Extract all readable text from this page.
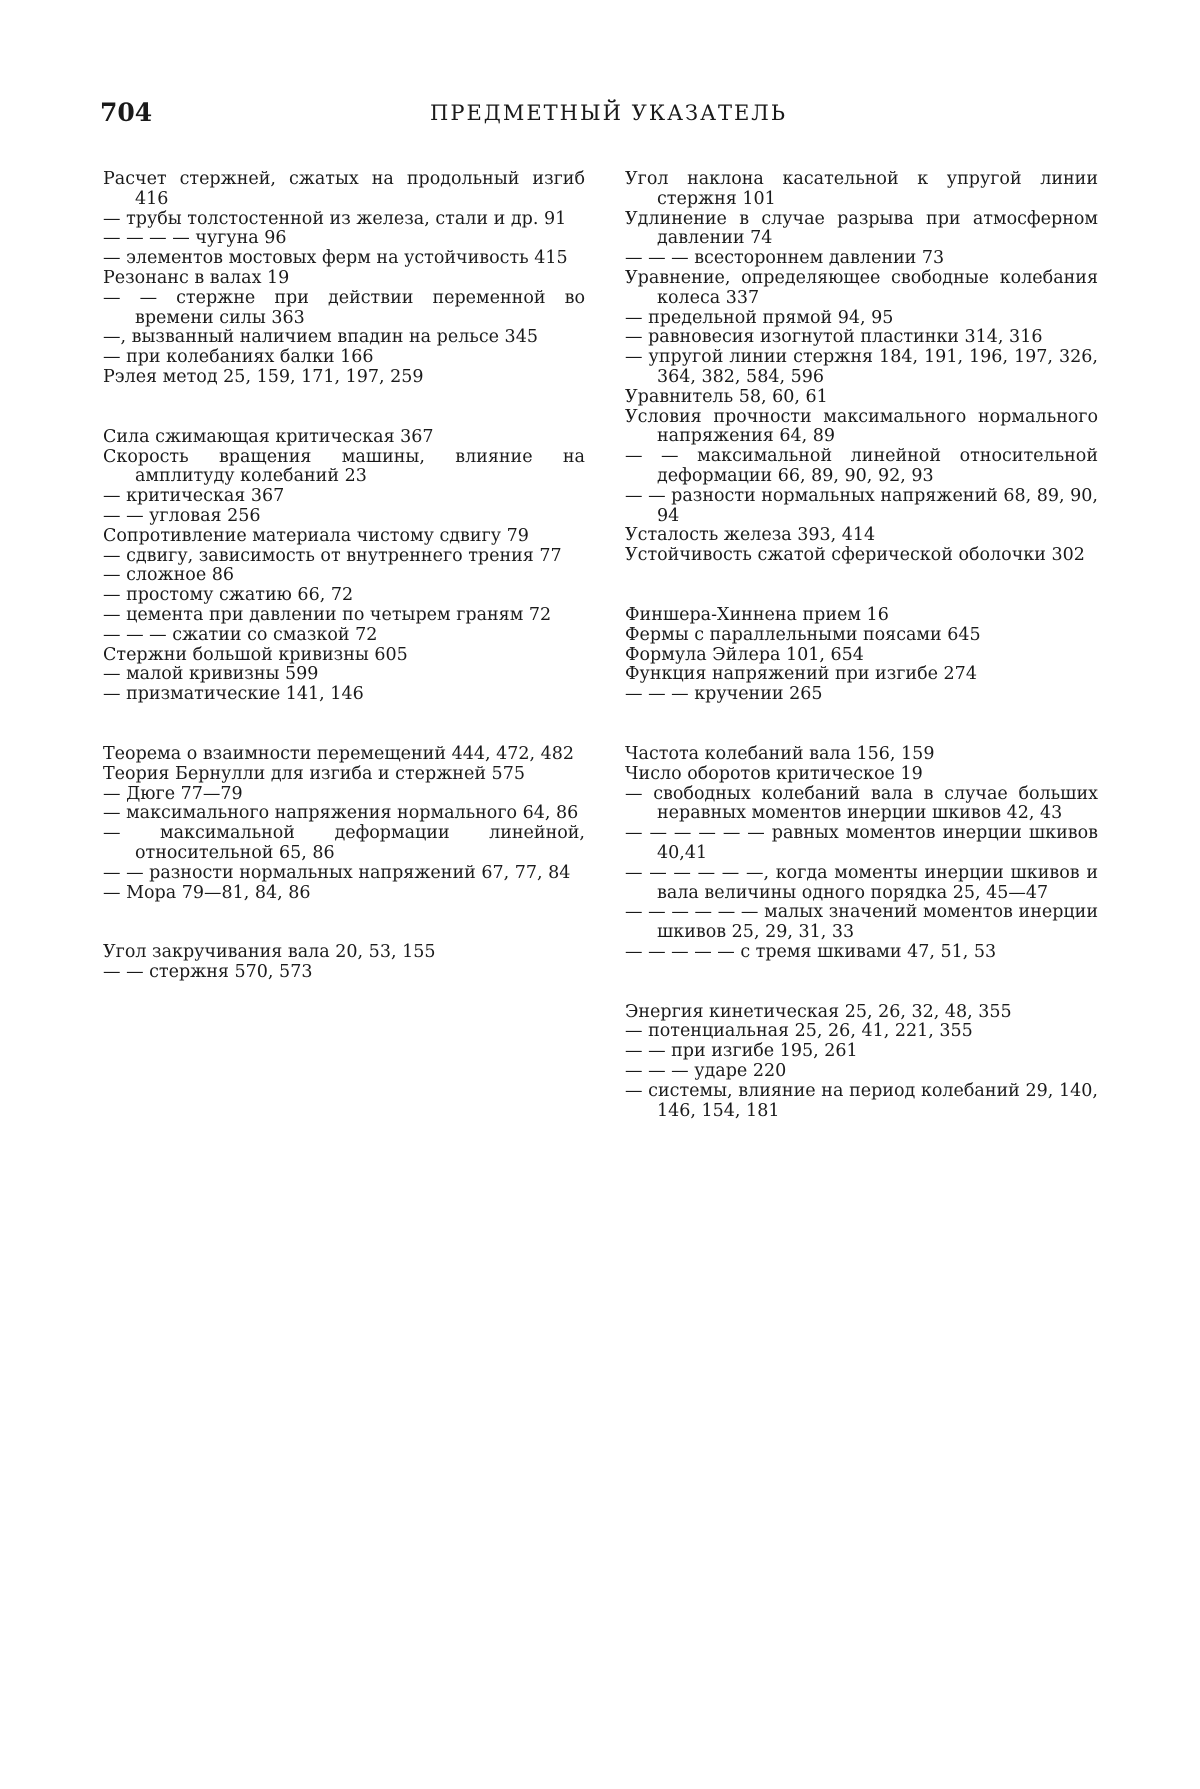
704	ПРЕДМЕТНЫЙ УКАЗАТЕЛЬ

Расчет стержней, сжатых на продольный изгиб 416

— трубы толстостенной из железа, стали и др. 91

— — — — чугуна 96

— элементов мостовых ферм на устойчивость 415

Резонанс в валах 19

— — стержне при действии переменной во времени силы 363

—, вызванный наличием впадин на рельсе 345

— при колебаниях балки 166

Рэлея метод 25, 159, 171, 197, 259

Сила сжимающая критическая 367

Скорость вращения машины, влияние на амплитуду колебаний 23

— критическая 367

— — угловая 256

Сопротивление материала чистому сдвигу 79

— сдвигу, зависимость от внутреннего трения 77

— сложное 86

— простому сжатию 66, 72

— цемента при давлении по четырем граням 72

— — — сжатии со смазкой 72

Стержни большой кривизны 605

— малой кривизны 599

— призматические 141, 146

Теорема о взаимности перемещений 444, 472, 482

Теория Бернулли для изгиба и стержней 575

— Дюге 77—79

— максимального напряжения нормального 64, 86

— максимальной деформации линейной, относительной 65, 86

— — разности нормальных напряжений 67, 77, 84

— Мора 79—81, 84, 86

Угол закручивания вала 20, 53, 155

— — стержня 570, 573

Угол наклона касательной к упругой линии стержня 101

Удлинение в случае разрыва при атмосферном давлении 74

— — — всестороннем давлении 73

Уравнение, определяющее свободные колебания колеса 337

— предельной прямой 94, 95

— равновесия изогнутой пластинки 314, 316

— упругой линии стержня 184, 191, 196, 197, 326, 364, 382, 584, 596

Уравнитель 58, 60, 61

Условия прочности максимального нормального напряжения 64, 89

— — максимальной линейной относительной деформации 66, 89, 90, 92, 93

— — разности нормальных напряжений 68, 89, 90, 94

Усталость железа 393, 414

Устойчивость сжатой сферической оболочки 302

Финшера-Хиннена прием 16

Фермы с параллельными поясами 645

Формула Эйлера 101, 654

Функция напряжений при изгибе 274

— — — кручении 265

Частота колебаний вала 156, 159

Число оборотов критическое 19

— свободных колебаний вала в случае больших неравных моментов инерции шкивов 42, 43

— — — — — — равных моментов инерции шкивов 40,41

— — — — — —, когда моменты инерции шкивов и вала величины одного порядка 25, 45—47

— — — — — — малых значений моментов инерции шкивов 25, 29, 31, 33

— — — — — с тремя шкивами 47, 51, 53

Энергия кинетическая 25, 26, 32, 48, 355

— потенциальная 25, 26, 41, 221, 355

— — при изгибе 195, 261

— — — ударе 220

— системы, влияние на период колебаний 29, 140, 146, 154, 181
